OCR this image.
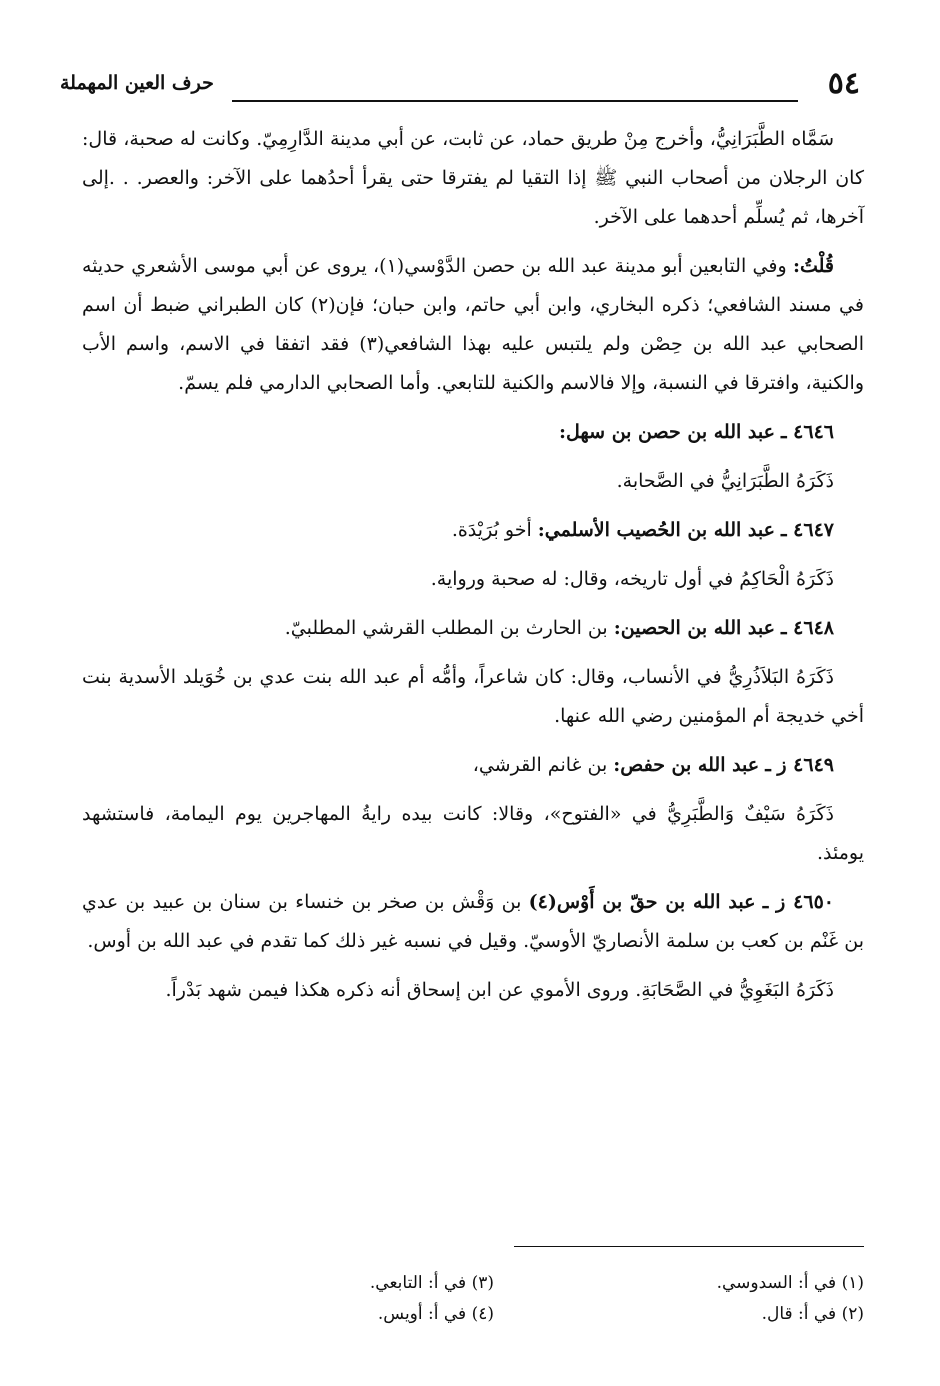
٥٤
حرف العين المهملة

سَمَّاه الطَّبَرَانِيُّ، وأخرج مِنْ طريق حماد، عن ثابت، عن أبي مدينة الدَّارِمِيّ. وكانت له صحبة، قال: كان الرجلان من أصحاب النبي ﷺ إذا التقيا لم يفترقا حتى يقرأ أحدُهما على الآخر: والعصر. . .إلى آخرها، ثم يُسلِّم أحدهما على الآخر.

قُلْتُ: وفي التابعين أبو مدينة عبد الله بن حصن الدَّوْسي(١)، يروى عن أبي موسى الأشعري حديثه في مسند الشافعي؛ ذكره البخاري، وابن أبي حاتم، وابن حبان؛ فإن(٢) كان الطبراني ضبط أن اسم الصحابي عبد الله بن حِصْن ولم يلتبس عليه بهذا الشافعي(٣) فقد اتفقا في الاسم، واسم الأب والكنية، وافترقا في النسبة، وإلا فالاسم والكنية للتابعي. وأما الصحابي الدارمي فلم يسمّ.

٤٦٤٦ ـ عبد الله بن حصن بن سهل:

ذَكَرَهُ الطَّبَرَانِيُّ في الصَّحابة.

٤٦٤٧ ـ عبد الله بن الحُصيب الأسلمي: أخو بُرَيْدَة.

ذَكَرَهُ الْحَاكِمُ في أول تاريخه، وقال: له صحبة ورواية.

٤٦٤٨ ـ عبد الله بن الحصين: بن الحارث بن المطلب القرشي المطلبيّ.

ذَكَرَهُ البَلاَذُرِيُّ في الأنساب، وقال: كان شاعراً، وأمُّه أم عبد الله بنت عدي بن خُوَيلد الأسدية بنت أخي خديجة أم المؤمنين رضي الله عنها.

٤٦٤٩ ز ـ عبد الله بن حفص: بن غانم القرشي،

ذَكَرَهُ سَيْفٌ وَالطَّبَرِيُّ في «الفتوح»، وقالا: كانت بيده رايةُ المهاجرين يوم اليمامة، فاستشهد يومئذ.

٤٦٥٠ ز ـ عبد الله بن حقّ بن أَوْس(٤) بن وَقْش بن صخر بن خنساء بن سنان بن عبيد بن عدي بن غَنْم بن كعب بن سلمة الأنصاريّ الأوسيّ. وقيل في نسبه غير ذلك كما تقدم في عبد الله بن أوس.

ذَكَرَهُ البَغَوِيُّ في الصَّحَابَةِ. وروى الأموي عن ابن إسحاق أنه ذكره هكذا فيمن شهد بَدْراً.

(١) في أ: السدوسي.
(٢) في أ: قال.
(٣) في أ: التابعي.
(٤) في أ: أويس.
